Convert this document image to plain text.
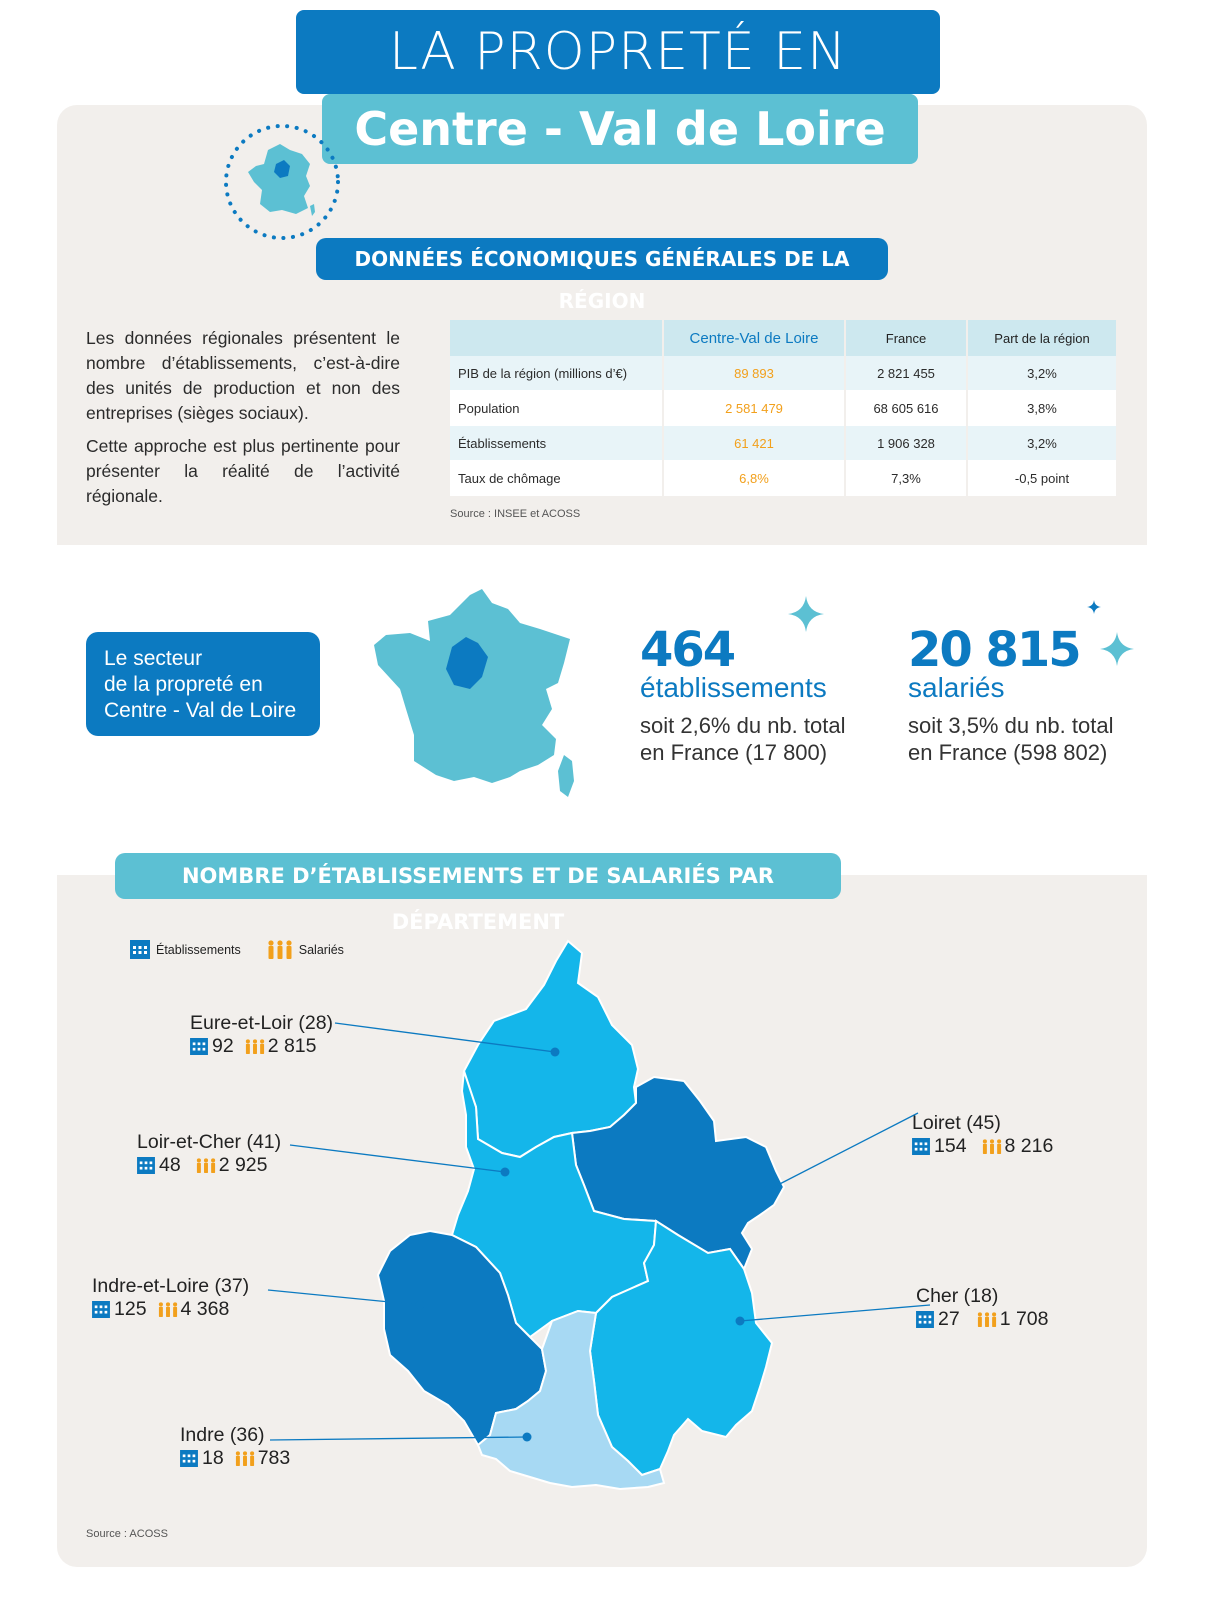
LA PROPRETÉ EN
Centre - Val de Loire
DONNÉES ÉCONOMIQUES GÉNÉRALES DE LA RÉGION

Les données régionales présentent le nombre d’établissements, c’est-à-dire des unités de production et non des entreprises (sièges sociaux).

Cette approche est plus pertinente pour présenter la réalité de l’activité régionale.

	Centre-Val de Loire	France	Part de la région
PIB de la région (millions d’€)	89 893	2 821 455	3,2%
Population	2 581 479	68 605 616	3,8%
Établissements	61 421	1 906 328	3,2%
Taux de chômage	6,8%	7,3%	-0,5 point
Source : INSEE et ACOSS
Le secteur
de la propreté en
Centre - Val de Loire
464
établissements
soit 2,6% du nb. total
en France (17 800)
20 815
salariés
soit 3,5% du nb. total
en France (598 802)
NOMBRE D’ÉTABLISSEMENTS ET DE SALARIÉS PAR DÉPARTEMENT
Établissements	Salariés
Eure-et-Loir (28)
92 2 815
Loir-et-Cher (41)
48 2 925
Indre-et-Loire (37)
125 4 368
Indre (36)
18 783
Loiret (45)
154 8 216
Cher (18)
27 1 708
Source : ACOSS
